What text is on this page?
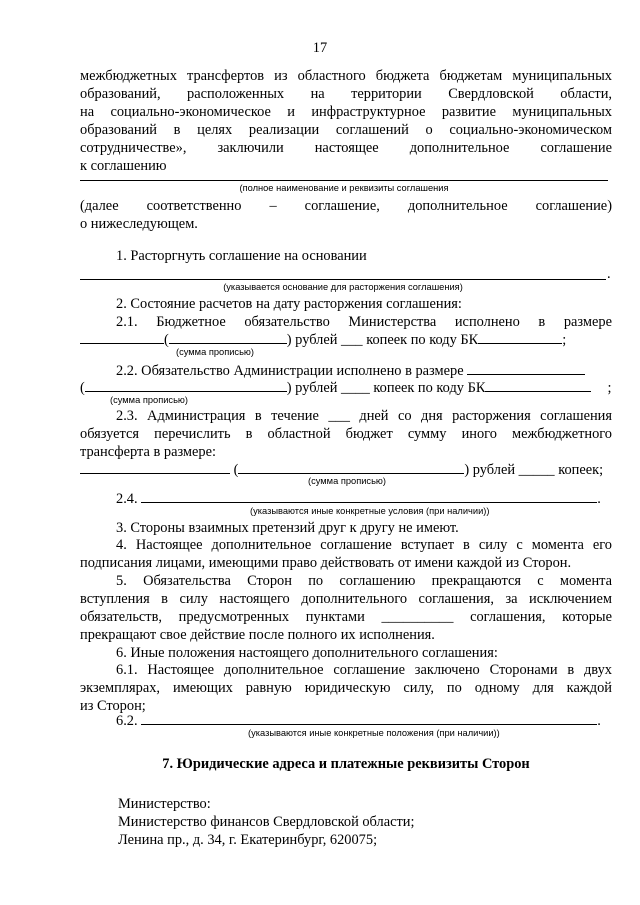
17
межбюджетных трансфертов из областного бюджета бюджетам муниципальных
образований, расположенных на территории Свердловской области,
на социально-экономическое и инфраструктурное развитие муниципальных
образований в целях реализации соглашений о социально-экономическом
сотрудничестве», заключили настоящее дополнительное соглашение
к соглашению
(полное наименование и реквизиты соглашения
(далее соответственно – соглашение, дополнительное соглашение)
о нижеследующем.
1. Расторгнуть соглашение на основании
.
(указывается основание для расторжения соглашения)
2. Состояние расчетов на дату расторжения соглашения:
2.1. Бюджетное обязательство Министерства исполнено в размере
(	) рублей ___ копеек по коду БК	;
(сумма прописью)
2.2. Обязательство Администрации исполнено в размере
(	) рублей ____ копеек по коду БК	;
(сумма прописью)
2.3. Администрация в течение ___ дней со дня расторжения соглашения
обязуется перечислить в областной бюджет сумму иного межбюджетного
трансферта в размере:
(	) рублей _____ копеек;
(сумма прописью)
2.4.	.
(указываются иные конкретные условия (при наличии))
3. Стороны взаимных претензий друг к другу не имеют.
4. Настоящее дополнительное соглашение вступает в силу с момента его
подписания лицами, имеющими право действовать от имени каждой из Сторон.
5. Обязательства Сторон по соглашению прекращаются с момента
вступления в силу настоящего дополнительного соглашения, за исключением
обязательств, предусмотренных пунктами __________ соглашения, которые
прекращают свое действие после полного их исполнения.
6. Иные положения настоящего дополнительного соглашения:
6.1. Настоящее дополнительное соглашение заключено Сторонами в двух
экземплярах, имеющих равную юридическую силу, по одному для каждой
из Сторон;
6.2.	.
(указываются иные конкретные положения (при наличии))
7. Юридические адреса и платежные реквизиты Сторон
Министерство:
Министерство финансов Свердловской области;
Ленина пр., д. 34, г. Екатеринбург, 620075;
